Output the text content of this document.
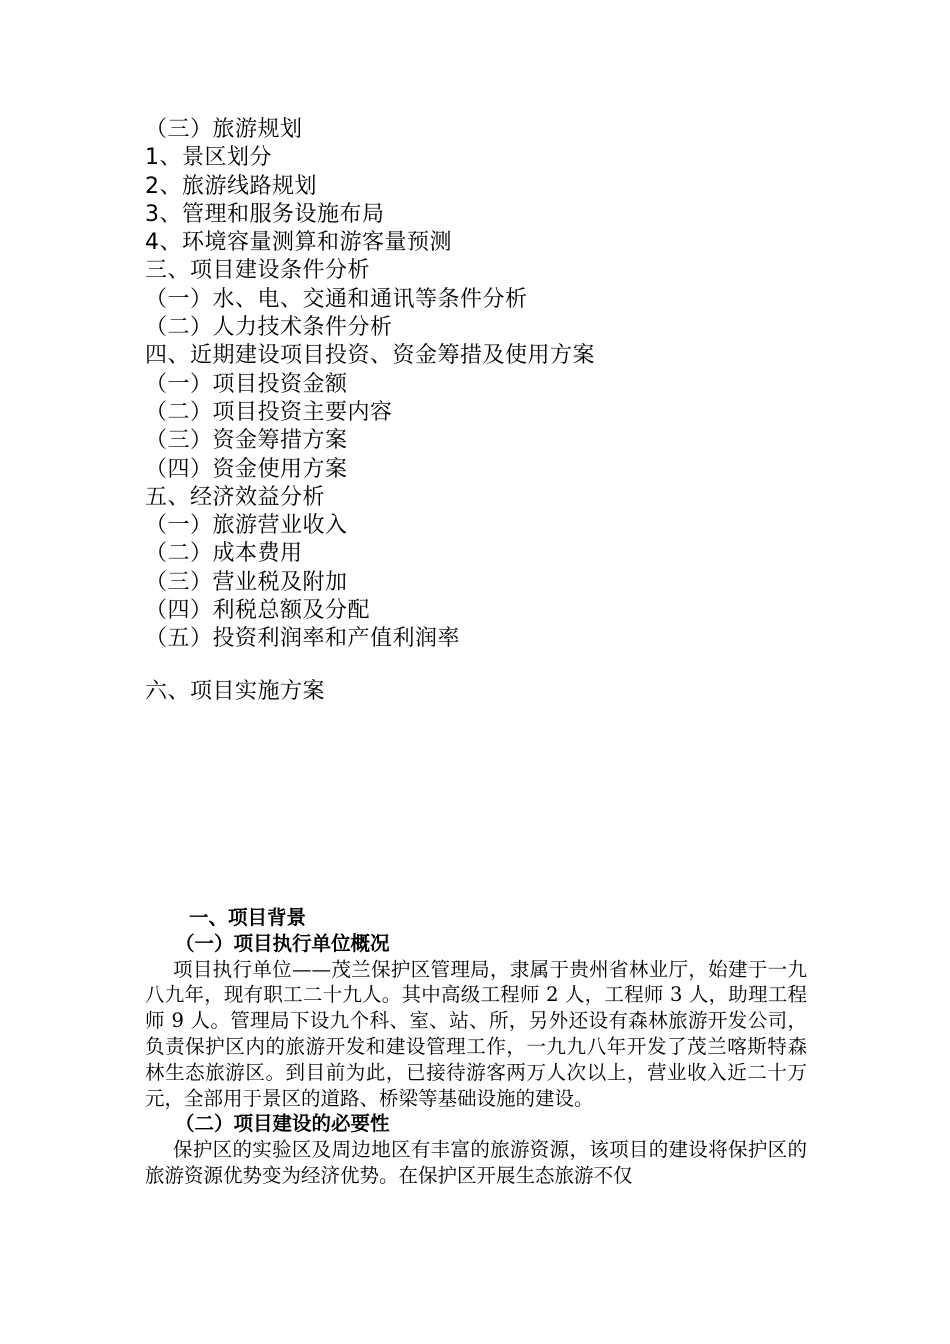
（三）旅游规划

1、景区划分

2、旅游线路规划

3、管理和服务设施布局

4、环境容量测算和游客量预测

三、项目建设条件分析

（一）水、电、交通和通讯等条件分析

（二）人力技术条件分析

四、近期建设项目投资、资金筹措及使用方案

（一）项目投资金额

（二）项目投资主要内容

（三）资金筹措方案

（四）资金使用方案

五、经济效益分析

（一）旅游营业收入

（二）成本费用

（三）营业税及附加

（四）利税总额及分配

（五）投资利润率和产值利润率

六、项目实施方案

一、项目背景

（一）项目执行单位概况

项目执行单位——茂兰保护区管理局，隶属于贵州省林业厅，始建于一九八九年，现有职工二十九人。其中高级工程师 2 人，工程师 3 人，助理工程师 9 人。管理局下设九个科、室、站、所，另外还设有森林旅游开发公司，负责保护区内的旅游开发和建设管理工作，一九九八年开发了茂兰喀斯特森林生态旅游区。到目前为此，已接待游客两万人次以上，营业收入近二十万元，全部用于景区的道路、桥梁等基础设施的建设。

（二）项目建设的必要性

保护区的实验区及周边地区有丰富的旅游资源，该项目的建设将保护区的旅游资源优势变为经济优势。在保护区开展生态旅游不仅
